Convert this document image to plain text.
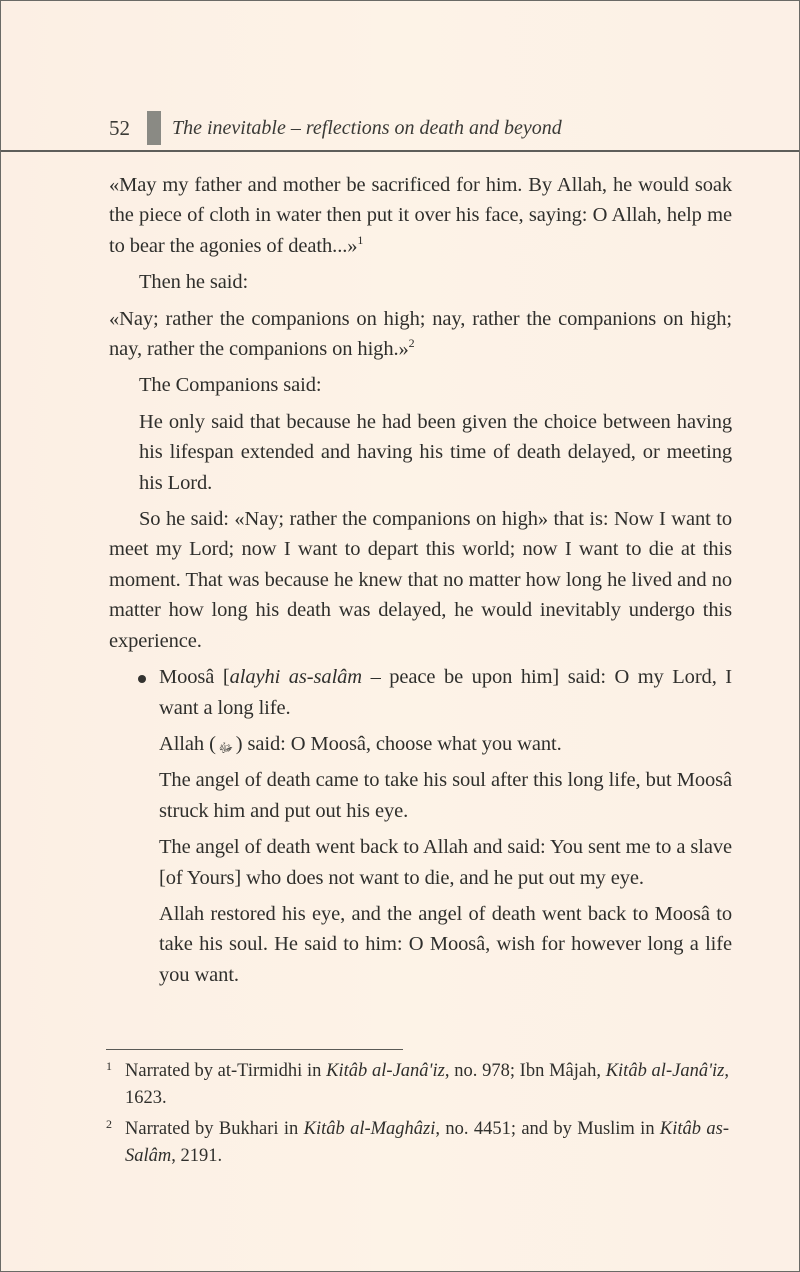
52	The inevitable – reflections on death and beyond

«May my father and mother be sacrificed for him. By Allah, he would soak the piece of cloth in water then put it over his face, saying: O Allah, help me to bear the agonies of death...»$^1$

Then he said:

«Nay; rather the companions on high; nay, rather the companions on high; nay, rather the companions on high.»$^2$

The Companions said:

He only said that because he had been given the choice between having his lifespan extended and having his time of death delayed, or meeting his Lord.

So he said: «Nay; rather the companions on high» that is: Now I want to meet my Lord; now I want to depart this world; now I want to die at this moment. That was because he knew that no matter how long he lived and no matter how long his death was delayed, he would inevitably undergo this experience.

Moosâ [alayhi as-salâm – peace be upon him] said: O my Lord, I want a long life.

Allah ( ﷻ ) said: O Moosâ, choose what you want.

The angel of death came to take his soul after this long life, but Moosâ struck him and put out his eye.

The angel of death went back to Allah and said: You sent me to a slave [of Yours] who does not want to die, and he put out my eye.

Allah restored his eye, and the angel of death went back to Moosâ to take his soul. He said to him: O Moosâ, wish for however long a life you want.

1 Narrated by at-Tirmidhi in Kitâb al-Janâ'iz, no. 978; Ibn Mâjah, Kitâb al-Janâ'iz, 1623.
2 Narrated by Bukhari in Kitâb al-Maghâzi, no. 4451; and by Muslim in Kitâb as-Salâm, 2191.
